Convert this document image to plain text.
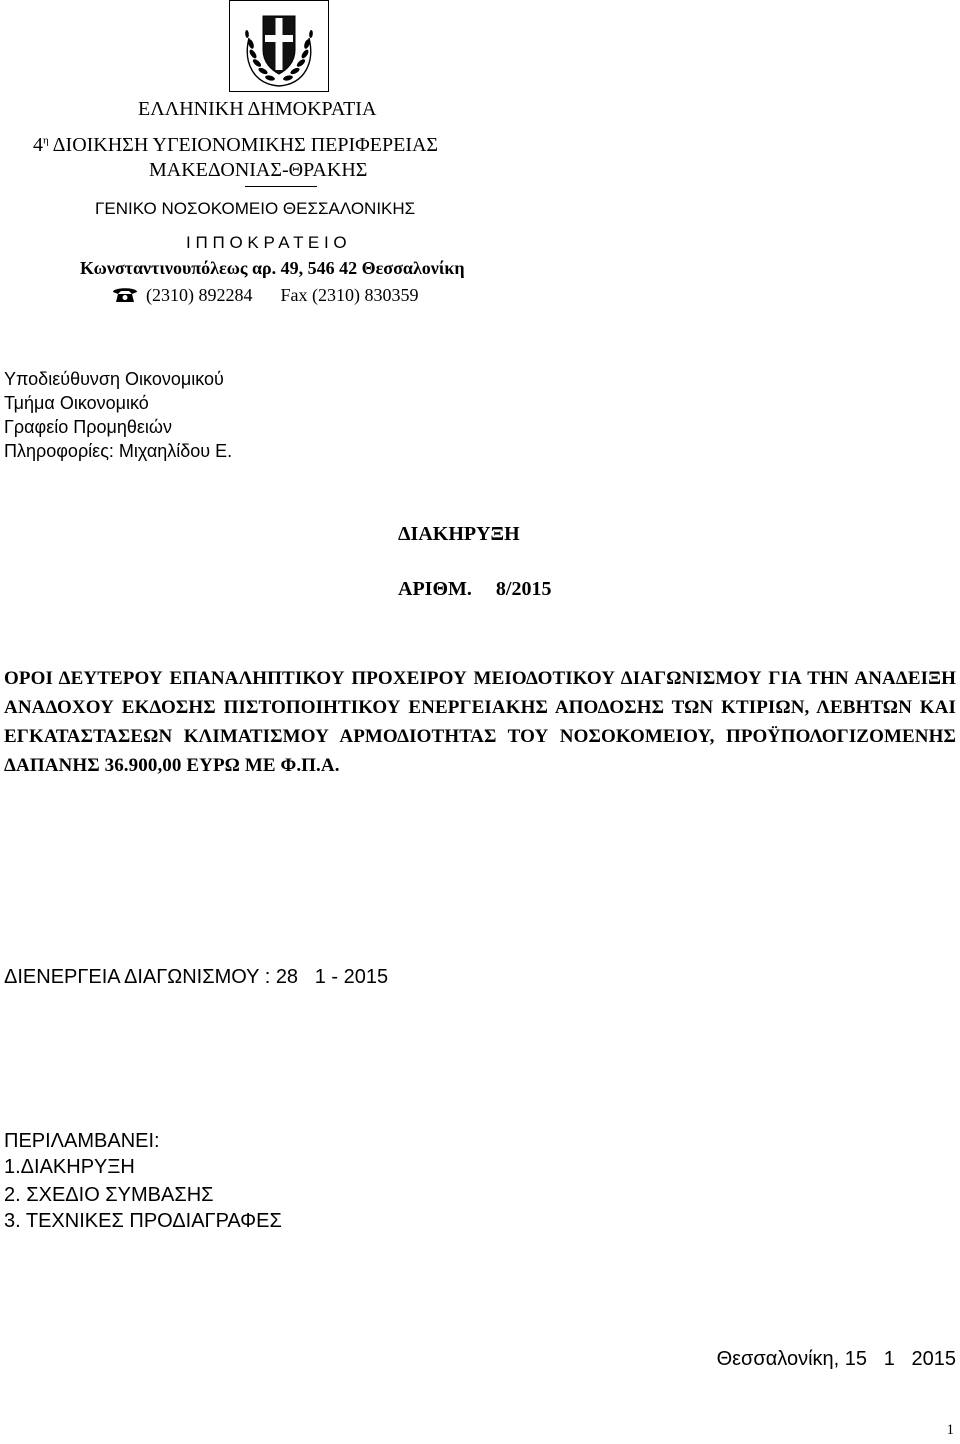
ΕΛΛΗΝΙΚΗ ΔΗΜΟΚΡΑΤΙΑ
$4^\eta$ ΔΙΟΙΚΗΣΗ ΥΓΕΙΟΝΟΜΙΚΗΣ ΠΕΡΙΦΕΡΕΙΑΣ
ΜΑΚΕΔΟΝΙΑΣ-ΘΡΑΚΗΣ
ΓΕΝΙΚΟ ΝΟΣΟΚΟΜΕΙΟ ΘΕΣΣΑΛΟΝΙΚΗΣ
Ι Π Π Ο Κ Ρ Α Τ Ε Ι Ο
Κωνσταντινουπόλεως αρ. 49, 546 42 Θεσσαλονίκη
(2310) 892284 Fax (2310) 830359
Υποδιεύθυνση Οικονομικού
Τμήμα Οικονομικό
Γραφείο Προμηθειών
Πληροφορίες: Μιχαηλίδου Ε.
ΔΙΑΚΗΡΥΞΗ
ΑΡΙΘΜ. 8/2015
ΟΡΟΙ ΔΕΥΤΕΡΟΥ ΕΠΑΝΑΛΗΠΤΙΚΟΥ ΠΡΟΧΕΙΡΟΥ ΜΕΙΟΔΟΤΙΚΟΥ ΔΙΑΓΩΝΙΣΜΟΥ ΓΙΑ ΤΗΝ ΑΝΑΔΕΙΞΗ ΑΝΑΔΟΧΟΥ ΕΚΔΟΣΗΣ ΠΙΣΤΟΠΟΙΗΤΙΚΟΥ ΕΝΕΡΓΕΙΑΚΗΣ ΑΠΟΔΟΣΗΣ ΤΩΝ ΚΤΙΡΙΩΝ, ΛΕΒΗΤΩΝ ΚΑΙ ΕΓΚΑΤΑΣΤΑΣΕΩΝ ΚΛΙΜΑΤΙΣΜΟΥ ΑΡΜΟΔΙΟΤΗΤΑΣ ΤΟΥ ΝΟΣΟΚΟΜΕΙΟΥ, ΠΡΟΫΠΟΛΟΓΙΖΟΜΕΝΗΣ ΔΑΠΑΝΗΣ 36.900,00 ΕΥΡΩ ΜΕ Φ.Π.Α.
ΔΙΕΝΕΡΓΕΙΑ ΔΙΑΓΩΝΙΣΜΟΥ : 28   1 - 2015
ΠΕΡΙΛΑΜΒΑΝΕΙ:
1.ΔΙΑΚΗΡΥΞΗ
2. ΣΧΕΔΙΟ ΣΥΜΒΑΣΗΣ
3. ΤΕΧΝΙΚΕΣ ΠΡΟΔΙΑΓΡΑΦΕΣ
Θεσσαλονίκη, 15   1   2015
1
